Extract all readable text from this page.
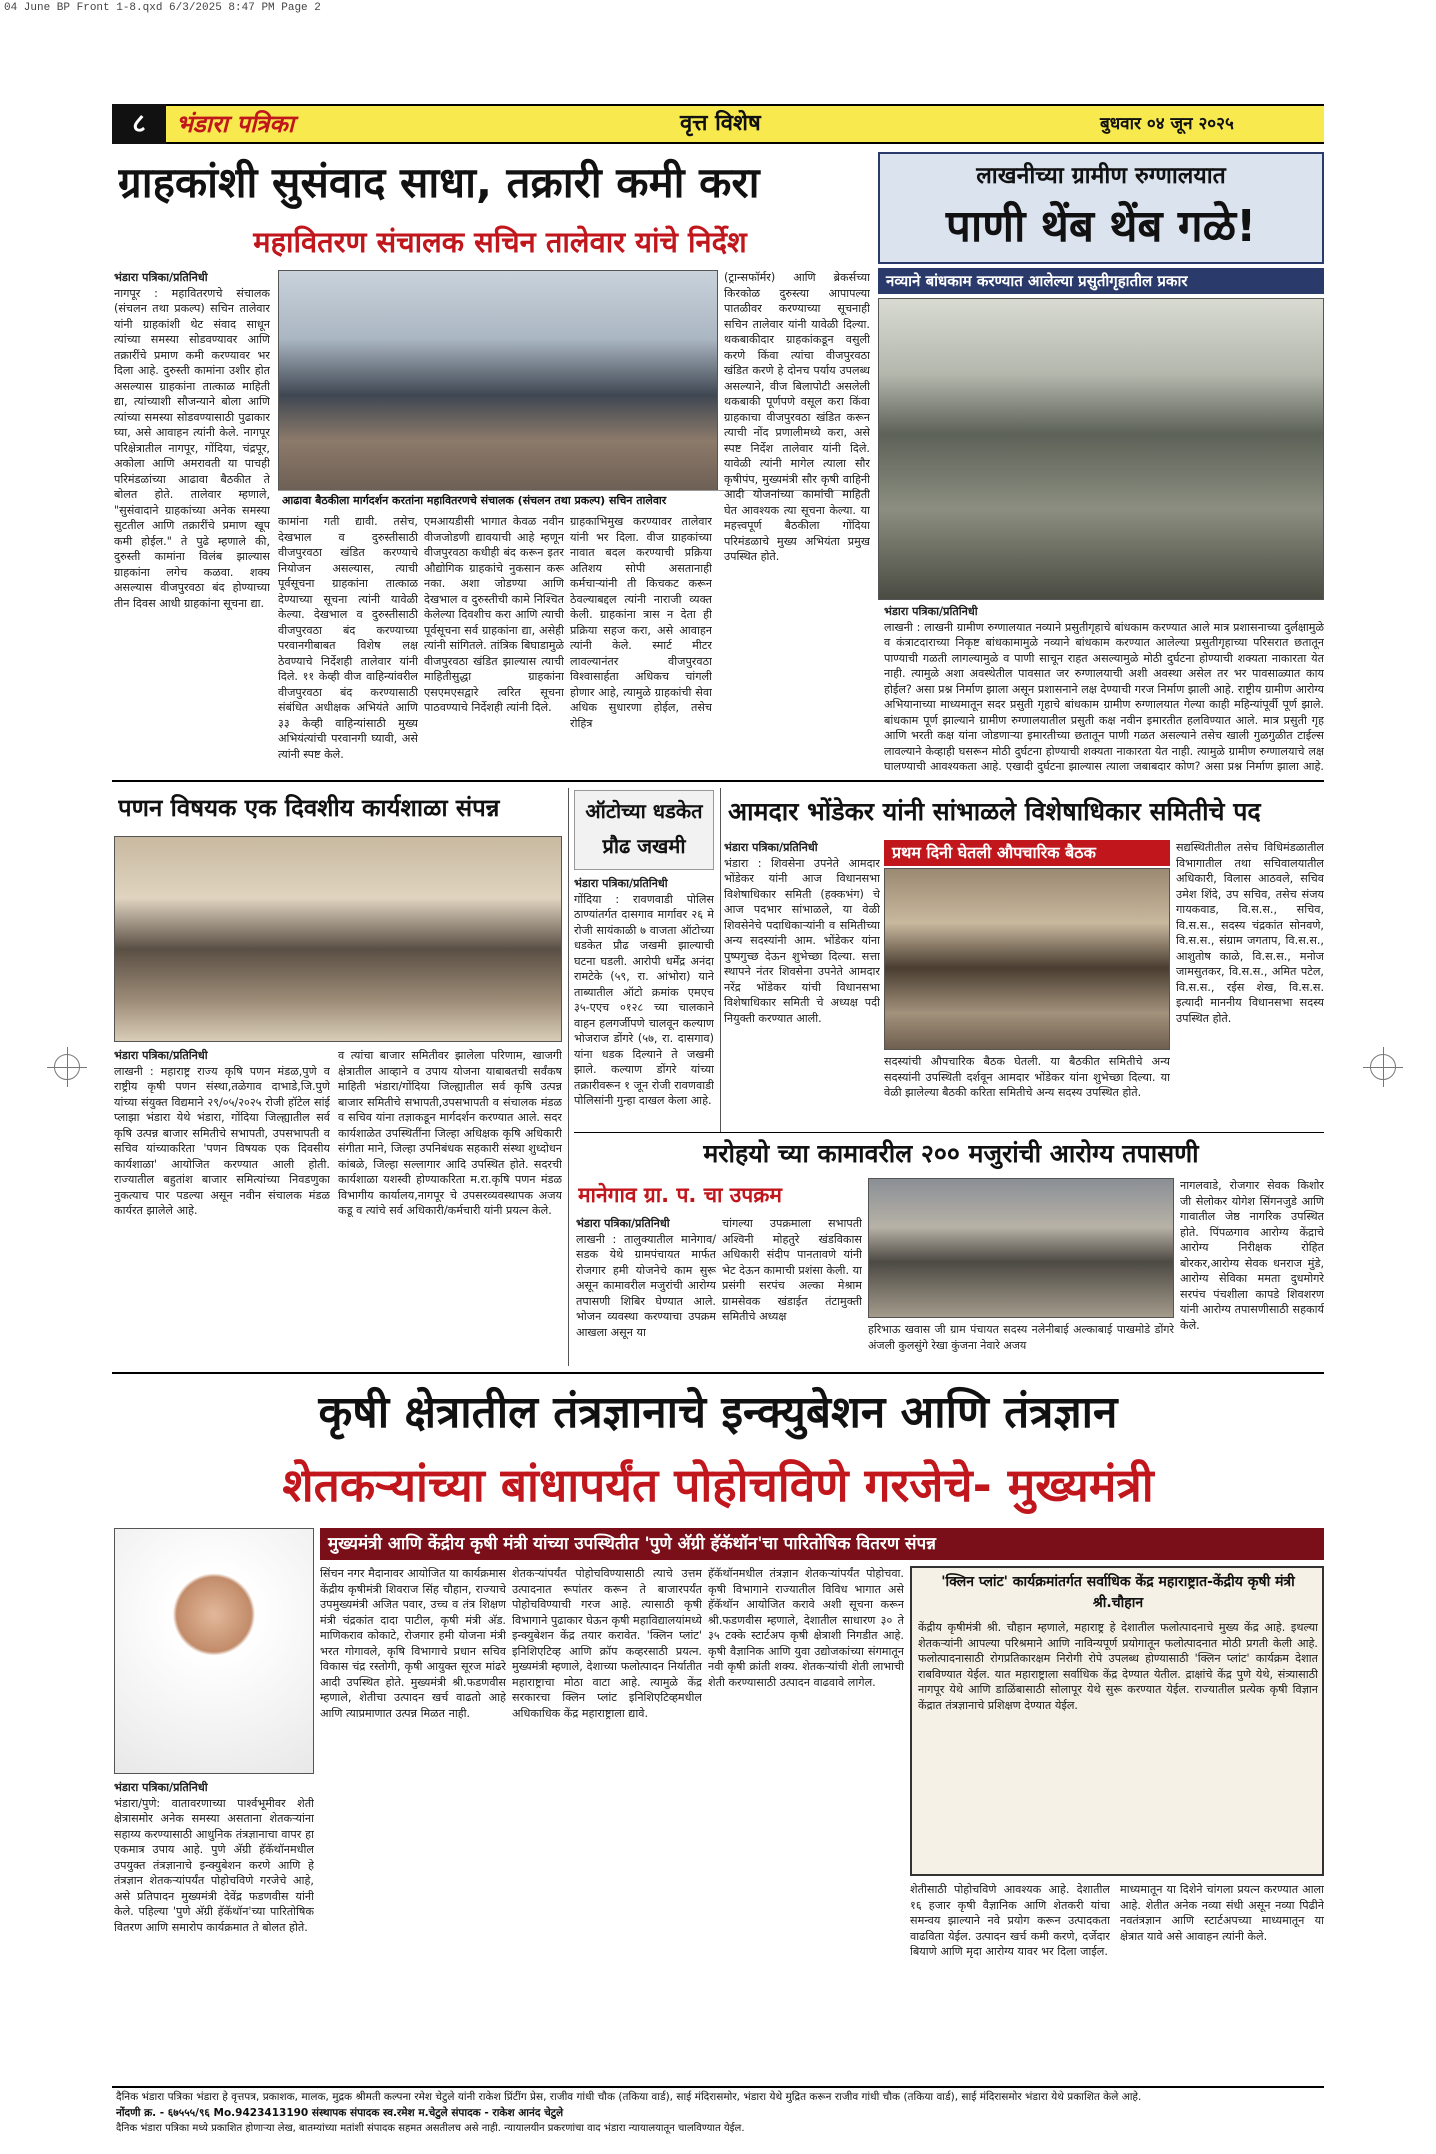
04 June BP Front 1-8.qxd 6/3/2025 8:47 PM Page 2
८	भंडारा पत्रिका	वृत्त विशेष	बुधवार ०४ जून २०२५
ग्राहकांशी सुसंवाद साधा, तक्रारी कमी करा
महावितरण संचालक सचिन तालेवार यांचे निर्देश
भंडारा पत्रिका/प्रतिनिधी
नागपूर : महावितरणचे संचालक (संचलन तथा प्रकल्प) सचिन तालेवार यांनी ग्राहकांशी थेट संवाद साधून त्यांच्या समस्या सोडवण्यावर आणि तक्रारींचे प्रमाण कमी करण्यावर भर दिला आहे. दुरुस्ती कामांना उशीर होत असल्यास ग्राहकांना तात्काळ माहिती द्या, त्यांच्याशी सौजन्याने बोला आणि त्यांच्या समस्या सोडवण्यासाठी पुढाकार घ्या, असे आवाहन त्यांनी केले. नागपूर परिक्षेत्रातील नागपूर, गोंदिया, चंद्रपूर, अकोला आणि अमरावती या पाचही परिमंडळांच्या आढावा बैठकीत ते बोलत होते. तालेवार म्हणाले, "सुसंवादाने ग्राहकांच्या अनेक समस्या सुटतील आणि तक्रारींचे प्रमाण खूप कमी होईल." ते पुढे म्हणाले की, दुरुस्ती कामांना विलंब झाल्यास ग्राहकांना लगेच कळवा. शक्य असल्यास वीजपुरवठा बंद होण्याच्या तीन दिवस आधी ग्राहकांना सूचना द्या.
आढावा बैठकीला मार्गदर्शन करतांना महावितरणचे संचालक (संचलन तथा प्रकल्प) सचिन तालेवार
कामांना गती द्यावी. तसेच, देखभाल व दुरुस्तीसाठी वीजपुरवठा खंडित करण्याचे नियोजन असल्यास, त्याची पूर्वसूचना ग्राहकांना तात्काळ देण्याच्या सूचना त्यांनी यावेळी केल्या. देखभाल व दुरुस्तीसाठी वीजपुरवठा बंद करण्याच्या परवानगीबाबत विशेष लक्ष ठेवण्याचे निर्देशही तालेवार यांनी दिले. ११ केव्ही वीज वाहिन्यांवरील वीजपुरवठा बंद करण्यासाठी संबंधित अधीक्षक अभियंते आणि ३३ केव्ही वाहिन्यांसाठी मुख्य अभियंत्यांची परवानगी घ्यावी, असे त्यांनी स्पष्ट केले.
एमआयडीसी भागात केवळ नवीन वीजजोडणी द्यावयाची आहे म्हणून वीजपुरवठा कधीही बंद करून इतर औद्योगिक ग्राहकांचे नुकसान करू नका. अशा जोडण्या आणि देखभाल व दुरुस्तीची कामे निश्चित केलेल्या दिवशीच करा आणि त्याची पूर्वसूचना सर्व ग्राहकांना द्या, असेही त्यांनी सांगितले. तांत्रिक बिघाडामुळे वीजपुरवठा खंडित झाल्यास त्याची माहितीसुद्धा ग्राहकांना एसएमएसद्वारे त्वरित सूचना पाठवण्याचे निर्देशही त्यांनी दिले.
ग्राहकाभिमुख करण्यावर तालेवार यांनी भर दिला. वीज ग्राहकांच्या नावात बदल करण्याची प्रक्रिया अतिशय सोपी असतानाही कर्मचाऱ्यांनी ती किचकट करून ठेवल्याबद्दल त्यांनी नाराजी व्यक्त केली. ग्राहकांना त्रास न देता ही प्रक्रिया सहज करा, असे आवाहन त्यांनी केले. स्मार्ट मीटर लावल्यानंतर वीजपुरवठा विश्वासार्हता अधिकच चांगली होणार आहे, त्यामुळे ग्राहकांची सेवा अधिक सुधारणा होईल, तसेच रोहित्र
(ट्रान्सफॉर्मर) आणि ब्रेकर्सच्या किरकोळ दुरुस्त्या आपापल्या पातळीवर करण्याच्या सूचनाही सचिन तालेवार यांनी यावेळी दिल्या. थकबाकीदार ग्राहकांकडून वसुली करणे किंवा त्यांचा वीजपुरवठा खंडित करणे हे दोनच पर्याय उपलब्ध असल्याने, वीज बिलापोटी असलेली थकबाकी पूर्णपणे वसूल करा किंवा ग्राहकाचा वीजपुरवठा खंडित करून त्याची नोंद प्रणालीमध्ये करा, असे स्पष्ट निर्देश तालेवार यांनी दिले. यावेळी त्यांनी मागेल त्याला सौर कृषीपंप, मुख्यमंत्री सौर कृषी वाहिनी आदी योजनांच्या कामांची माहिती घेत आवश्यक त्या सूचना केल्या. या महत्त्वपूर्ण बैठकीला गोंदिया परिमंडळाचे मुख्य अभियंता प्रमुख उपस्थित होते.
लाखनीच्या ग्रामीण रुग्णालयात
पाणी थेंब थेंब गळे!
नव्याने बांधकाम करण्यात आलेल्या प्रसुतीगृहातील प्रकार
भंडारा पत्रिका/प्रतिनिधी
लाखनी : लाखनी ग्रामीण रुग्णालयात नव्याने प्रसुतीगृहाचे बांधकाम करण्यात आले मात्र प्रशासनाच्या दुर्लक्षामुळे व कंत्राटदाराच्या निकृष्ट बांधकामामुळे नव्याने बांधकाम करण्यात आलेल्या प्रसुतीगृहाच्या परिसरात छतातून पाण्याची गळती लागल्यामुळे व पाणी साचून राहत असल्यामुळे मोठी दुर्घटना होण्याची शक्यता नाकारता येत नाही. त्यामुळे अशा अवस्थेतील पावसात जर रुग्णालयाची अशी अवस्था असेल तर भर पावसाळ्यात काय होईल? असा प्रश्न निर्माण झाला असून प्रशासनाने लक्ष देण्याची गरज निर्माण झाली आहे. राष्ट्रीय ग्रामीण आरोग्य अभियानाच्या माध्यमातून सदर प्रसुती गृहाचे बांधकाम ग्रामीण रुग्णालयात गेल्या काही महिन्यांपूर्वी पूर्ण झाले. बांधकाम पूर्ण झाल्याने ग्रामीण रुग्णालयातील प्रसुती कक्ष नवीन इमारतीत हलविण्यात आले. मात्र प्रसुती गृह आणि भरती कक्ष यांना जोडणाऱ्या इमारतीच्या छतातून पाणी गळत असल्याने तसेच खाली गुळगुळीत टाईल्स लावल्याने केव्हाही घसरून मोठी दुर्घटना होण्याची शक्यता नाकारता येत नाही. त्यामुळे ग्रामीण रुग्णालयाचे लक्ष घालण्याची आवश्यकता आहे. एखादी दुर्घटना झाल्यास त्याला जबाबदार कोण? असा प्रश्न निर्माण झाला आहे.
पणन विषयक एक दिवशीय कार्यशाळा संपन्न
भंडारा पत्रिका/प्रतिनिधी
लाखनी : महाराष्ट्र राज्य कृषि पणन मंडळ,पुणे व राष्ट्रीय कृषी पणन संस्था,तळेगाव दाभाडे,जि.पुणे यांच्या संयुक्त विद्यमाने २९/०५/२०२५ रोजी हॉटेल सांई प्लाझा भंडारा येथे भंडारा, गोंदिया जिल्ह्यातील सर्व कृषि उत्पन्न बाजार समितीचे सभापती, उपसभापती व सचिव यांच्याकरिता 'पणन विषयक एक दिवसीय कार्यशाळा' आयोजित करण्यात आली होती. राज्यातील बहुतांश बाजार समित्यांच्या निवडणुका नुकत्याच पार पडल्या असून नवीन संचालक मंडळ कार्यरत झालेले आहे.
व त्यांचा बाजार समितीवर झालेला परिणाम, खाजगी क्षेत्रातील आव्हाने व उपाय योजना याबाबतची सर्वंकष माहिती भंडारा/गोंदिया जिल्ह्यातील सर्व कृषि उत्पन्न बाजार समितीचे सभापती,उपसभापती व संचालक मंडळ व सचिव यांना तज्ञाकडून मार्गदर्शन करण्यात आले. सदर कार्यशाळेत उपस्थितींना जिल्हा अधिक्षक कृषि अधिकारी संगीता माने, जिल्हा उपनिबंधक सहकारी संस्था शुध्दोधन कांबळे, जिल्हा सल्लागार आदि उपस्थित होते. सदरची कार्यशाळा यशस्वी होण्याकरिता म.रा.कृषि पणन मंडळ विभागीय कार्यालय,नागपूर चे उपसरव्यवस्थापक अजय कडू व त्यांचे सर्व अधिकारी/कर्मचारी यांनी प्रयत्न केले.
ऑटोच्या धडकेत प्रौढ जखमी
भंडारा पत्रिका/प्रतिनिधी
गोंदिया : रावणवाडी पोलिस ठाण्यांतर्गत दासगाव मार्गावर २६ मे रोजी सायंकाळी ७ वाजता ऑटोच्या धडकेत प्रौढ जखमी झाल्याची घटना घडली. आरोपी धर्मेंद्र अनंदा रामटेके (५९, रा. आंभोरा) याने ताब्यातील ऑटो क्रमांक एमएच ३५-एएच ०१२८ च्या चालकाने वाहन हलगर्जीपणे चालवून कल्याण भोजराज डोंगरे (५७, रा. दासगाव) यांना धडक दिल्याने ते जखमी झाले. कल्याण डोंगरे यांच्या तक्रारीवरून १ जून रोजी रावणवाडी पोलिसांनी गुन्हा दाखल केला आहे.
आमदार भोंडेकर यांनी सांभाळले विशेषाधिकार समितीचे पद
भंडारा पत्रिका/प्रतिनिधी
भंडारा : शिवसेना उपनेते आमदार भोंडेकर यांनी आज विधानसभा विशेषाधिकार समिती (हक्कभंग) चे आज पदभार सांभाळले, या वेळी शिवसेनेचे पदाधिकाऱ्यांनी व समितीच्या अन्य सदस्यांनी आम. भोंडेकर यांना पुष्पगुच्छ देऊन शुभेच्छा दिल्या. सत्ता स्थापने नंतर शिवसेना उपनेते आमदार नरेंद्र भोंडेकर यांची विधानसभा विशेषाधिकार समिती चे अध्यक्ष पदी नियुक्ती करण्यात आली.
प्रथम दिनी घेतली औपचारिक बैठक
सदस्यांची औपचारिक बैठक घेतली. या बैठकीत समितीचे अन्य सदस्यांनी उपस्थिती दर्शवून आमदार भोंडेकर यांना शुभेच्छा दिल्या. या वेळी झालेल्या बैठकी करिता समितीचे अन्य सदस्य उपस्थित होते.
सद्यस्थितीतील तसेच विधिमंडळातील विभागातील तथा सचिवालयातील अधिकारी, विलास आठवले, सचिव उमेश शिंदे, उप सचिव, तसेच संजय गायकवाड, वि.स.स., सचिव, वि.स.स., सदस्य चंद्रकांत सोनवणे, वि.स.स., संग्राम जगताप, वि.स.स., आशुतोष काळे, वि.स.स., मनोज जामसुतकर, वि.स.स., अमित पटेल, वि.स.स., रईस शेख, वि.स.स. इत्यादी माननीय विधानसभा सदस्य उपस्थित होते.
मरोहयो च्या कामावरील २०० मजुरांची आरोग्य तपासणी
मानेगाव ग्रा. प. चा उपक्रम
भंडारा पत्रिका/प्रतिनिधी
लाखनी : तालुक्यातील मानेगाव/सडक येथे ग्रामपंचायत मार्फत रोजगार हमी योजनेचे काम सुरू असून कामावरील मजुरांची आरोग्य तपासणी शिबिर घेण्यात आले. भोजन व्यवस्था करण्याचा उपक्रम आखला असून या
चांगल्या उपक्रमाला सभापती अश्विनी मोहतुरे खंडविकास अधिकारी संदीप पानतावणे यांनी भेट देऊन कामाची प्रशंसा केली. या प्रसंगी सरपंच अल्का मेश्राम ग्रामसेवक खंडाईत तंटामुक्ती समितीचे अध्यक्ष
हरिभाऊ खवास जी ग्राम पंचायत सदस्य नलेनीबाई अल्काबाई पाखमोडे डोंगरे अंजली कुलसुंगे रेखा कुंजना नेवारे अजय
नागलवाडे, रोजगार सेवक किशोर जी सेलोकर योगेश सिंगनजुडे आणि गावातील जेष्ठ नागरिक उपस्थित होते. पिंपळगाव आरोग्य केंद्राचे आरोग्य निरीक्षक रोहित बोरकर,आरोग्य सेवक धनराज मुंडे, आरोग्य सेविका ममता दुधमोगरे सरपंच पंचशीला कापडे शिवशरण यांनी आरोग्य तपासणीसाठी सहकार्य केले.
कृषी क्षेत्रातील तंत्रज्ञानाचे इन्क्युबेशन आणि तंत्रज्ञान
शेतकऱ्यांच्या बांधापर्यंत पोहोचविणे गरजेचे- मुख्यमंत्री
मुख्यमंत्री आणि केंद्रीय कृषी मंत्री यांच्या उपस्थितीत 'पुणे अ‍ॅग्री हॅकॅथॉन'चा पारितोषिक वितरण संपन्न
भंडारा पत्रिका/प्रतिनिधी
भंडारा/पुणे: वातावरणाच्या पार्श्वभूमीवर शेती क्षेत्रासमोर अनेक समस्या असताना शेतकऱ्यांना सहाय्य करण्यासाठी आधुनिक तंत्रज्ञानाचा वापर हा एकमात्र उपाय आहे. पुणे अ‍ॅग्री हॅकॅथॉनमधील उपयुक्त तंत्रज्ञानाचे इन्क्युबेशन करणे आणि हे तंत्रज्ञान शेतकऱ्यांपर्यंत पोहोचविणे गरजेचे आहे, असे प्रतिपादन मुख्यमंत्री देवेंद्र फडणवीस यांनी केले. पहिल्या 'पुणे अ‍ॅग्री हॅकॅथॉन'च्या पारितोषिक वितरण आणि समारोप कार्यक्रमात ते बोलत होते.
सिंचन नगर मैदानावर आयोजित या कार्यक्रमास केंद्रीय कृषीमंत्री शिवराज सिंह चौहान, राज्याचे उपमुख्यमंत्री अजित पवार, उच्च व तंत्र शिक्षण मंत्री चंद्रकांत दादा पाटील, कृषी मंत्री अ‍ॅड. माणिकराव कोकाटे, रोजगार हमी योजना मंत्री भरत गोगावले, कृषि विभागाचे प्रधान सचिव विकास चंद्र रस्तोगी, कृषी आयुक्त सूरज मांढरे आदी उपस्थित होते. मुख्यमंत्री श्री.फडणवीस म्हणाले, शेतीचा उत्पादन खर्च वाढतो आहे आणि त्याप्रमाणात उत्पन्न मिळत नाही.
शेतकऱ्यांपर्यंत पोहोचविण्यासाठी त्याचे उत्तम उत्पादनात रूपांतर करून ते बाजारपर्यंत पोहोचविण्याची गरज आहे. त्यासाठी कृषी विभागाने पुढाकार घेऊन कृषी महाविद्यालयांमध्ये इन्क्युबेशन केंद्र तयार करावेत. 'क्लिन प्लांट' इनिशिएटिव्ह आणि क्रॉप कव्हरसाठी प्रयत्न. मुख्यमंत्री म्हणाले, देशाच्या फलोत्पादन निर्यातीत महाराष्ट्राचा मोठा वाटा आहे. त्यामुळे केंद्र सरकारचा क्लिन प्लांट इनिशिएटिव्हमधील अधिकाधिक केंद्र महाराष्ट्राला द्यावे.
हॅकॅथॉनमधील तंत्रज्ञान शेतकऱ्यांपर्यंत पोहोचवा. कृषी विभागाने राज्यातील विविध भागात असे हॅकॅथॉन आयोजित करावे अशी सूचना करून श्री.फडणवीस म्हणाले, देशातील साधारण ३० ते ३५ टक्के स्टार्टअप कृषी क्षेत्राशी निगडीत आहे. कृषी वैज्ञानिक आणि युवा उद्योजकांच्या संगमातून नवी कृषी क्रांती शक्य. शेतकऱ्यांची शेती लाभाची शेती करण्यासाठी उत्पादन वाढवावे लागेल.
'क्लिन प्लांट' कार्यक्रमांतर्गत सर्वाधिक केंद्र महाराष्ट्रात-केंद्रीय कृषी मंत्री श्री.चौहान
केंद्रीय कृषीमंत्री श्री. चौहान म्हणाले, महाराष्ट्र हे देशातील फलोत्पादनाचे मुख्य केंद्र आहे. इथल्या शेतकऱ्यांनी आपल्या परिश्रमाने आणि नाविन्यपूर्ण प्रयोगातून फलोत्पादनात मोठी प्रगती केली आहे. फलोत्पादनासाठी रोगप्रतिकारक्षम निरोगी रोपे उपलब्ध होण्यासाठी 'क्लिन प्लांट' कार्यक्रम देशात राबविण्यात येईल. यात महाराष्ट्राला सर्वाधिक केंद्र देण्यात येतील. द्राक्षांचे केंद्र पुणे येथे, संत्र्यासाठी नागपूर येथे आणि डाळिंबासाठी सोलापूर येथे सुरू करण्यात येईल. राज्यातील प्रत्येक कृषी विज्ञान केंद्रात तंत्रज्ञानाचे प्रशिक्षण देण्यात येईल.
शेतीसाठी पोहोचविणे आवश्यक आहे. देशातील १६ हजार कृषी वैज्ञानिक आणि शेतकरी यांचा समन्वय झाल्याने नवे प्रयोग करून उत्पादकता वाढविता येईल. उत्पादन खर्च कमी करणे, दर्जेदार बियाणे आणि मृदा आरोग्य यावर भर दिला जाईल.
माध्यमातून या दिशेने चांगला प्रयत्न करण्यात आला आहे. शेतीत अनेक नव्या संधी असून नव्या पिढीने नवतंत्रज्ञान आणि स्टार्टअपच्या माध्यमातून या क्षेत्रात यावे असे आवाहन त्यांनी केले.
दैनिक भंडारा पत्रिका भंडारा हे वृत्तपत्र, प्रकाशक, मालक, मुद्रक श्रीमती कल्पना रमेश चेटुले यांनी राकेश प्रिंटींग प्रेस, राजीव गांधी चौक (तकिया वार्ड), साई मंदिरासमोर, भंडारा येथे मुद्रित करून राजीव गांधी चौक (तकिया वार्ड), साई मंदिरासमोर भंडारा येथे प्रकाशित केले आहे.
नोंदणी क्र. - ६७५५५/९६ Mo.9423413190 संस्थापक संपादक स्व.रमेश म.चेटुले संपादक - राकेश आनंद चेटुले
दैनिक भंडारा पत्रिका मध्ये प्रकाशित होणाऱ्या लेख, बातम्यांच्या मतांशी संपादक सहमत असतीलच असे नाही. न्यायालयीन प्रकरणांचा वाद भंडारा न्यायालयातून चालविण्यात येईल.
